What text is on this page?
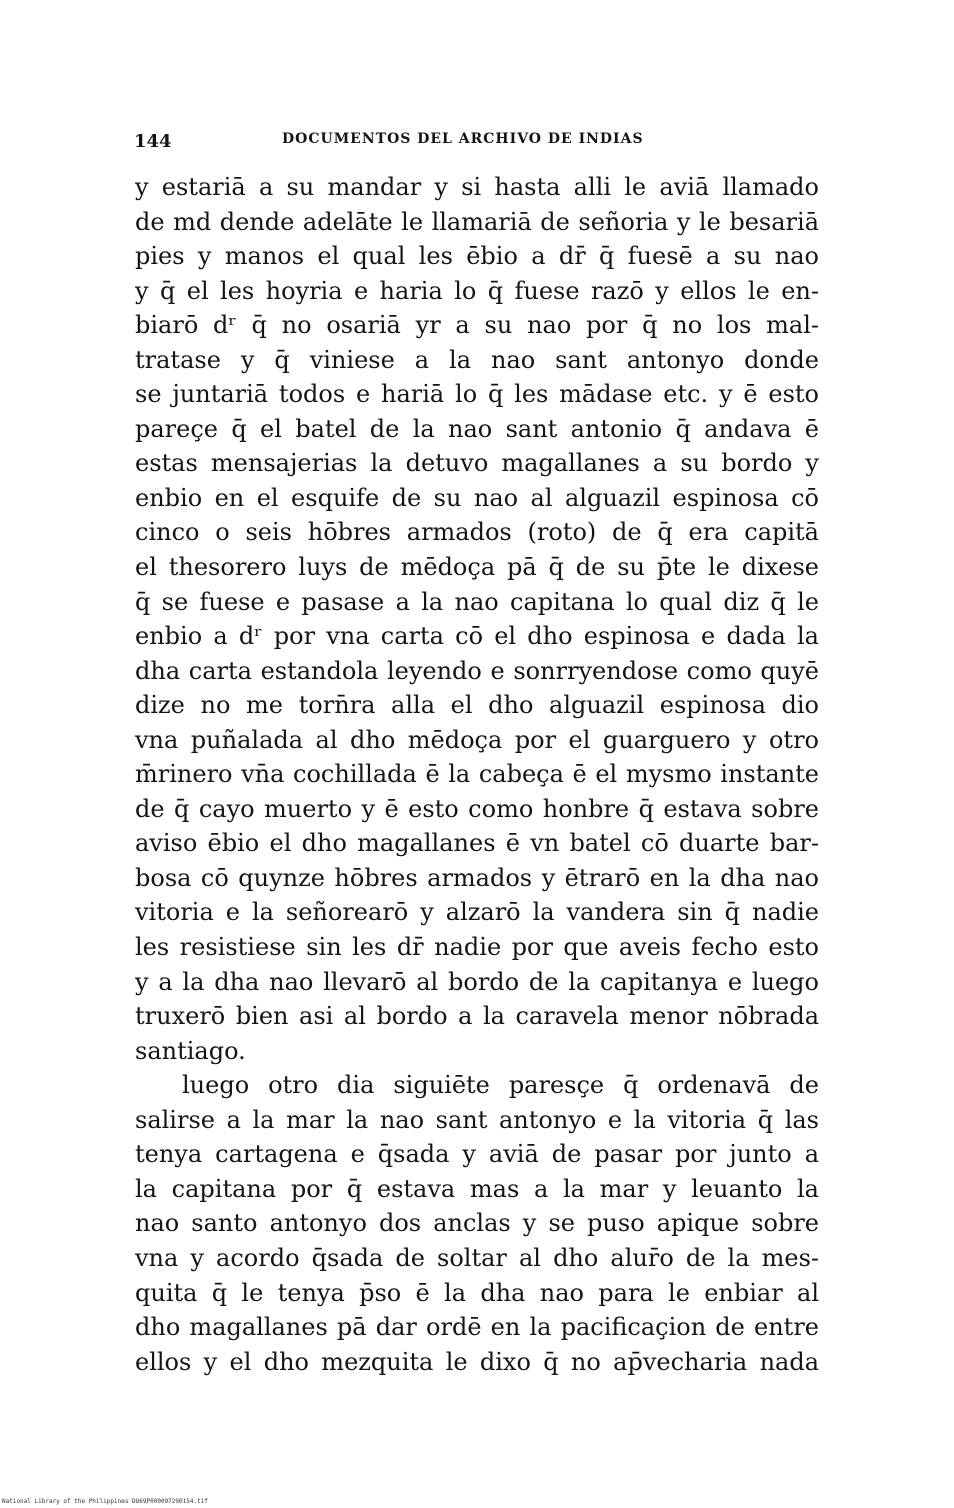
144	DOCUMENTOS DEL ARCHIVO DE INDIAS
y estariā a su mandar y si hasta alli le aviā llamado
de md dende adelāte le llamariā de señoria y le besariā
pies y manos el qual les ēbio a dr̄ q̄ fuesē a su nao
y q̄ el les hoyria e haria lo q̄ fuese razō y ellos le en-
biarō dʳ q̄ no osariā yr a su nao por q̄ no los mal-
tratase y q̄ viniese a la nao sant antonyo donde
se juntariā todos e hariā lo q̄ les mādase etc. y ē esto
pareçe q̄ el batel de la nao sant antonio q̄ andava ē
estas mensajerias la detuvo magallanes a su bordo y
enbio en el esquife de su nao al alguazil espinosa cō
cinco o seis hōbres armados (roto) de q̄ era capitā
el thesorero luys de mēdoça pā q̄ de su p̄te le dixese
q̄ se fuese e pasase a la nao capitana lo qual diz q̄ le
enbio a dʳ por vna carta cō el dho espinosa e dada la
dha carta estandola leyendo e sonrryendose como quyē
dize no me torn̄ra alla el dho alguazil espinosa dio
vna puñalada al dho mēdoça por el guarguero y otro
m̄rinero vn̄a cochillada ē la cabeça ē el mysmo instante
de q̄ cayo muerto y ē esto como honbre q̄ estava sobre
aviso ēbio el dho magallanes ē vn batel cō duarte bar-
bosa cō quynze hōbres armados y ētrarō en la dha nao
vitoria e la señorearō y alzarō la vandera sin q̄ nadie
les resistiese sin les dr̄ nadie por que aveis fecho esto
y a la dha nao llevarō al bordo de la capitanya e luego
truxerō bien asi al bordo a la caravela menor nōbrada
santiago.
luego otro dia siguiēte paresçe q̄ ordenavā de
salirse a la mar la nao sant antonyo e la vitoria q̄ las
tenya cartagena e q̄sada y aviā de pasar por junto a
la capitana por q̄ estava mas a la mar y leuanto la
nao santo antonyo dos anclas y se puso apique sobre
vna y acordo q̄sada de soltar al dho alur̄o de la mes-
quita q̄ le tenya p̄so ē la dha nao para le enbiar al
dho magallanes pā dar ordē en la pacificaçion de entre
ellos y el dho mezquita le dixo q̄ no ap̄vecharia nada
National Library of the Philippines DO69P000097290154.tif
